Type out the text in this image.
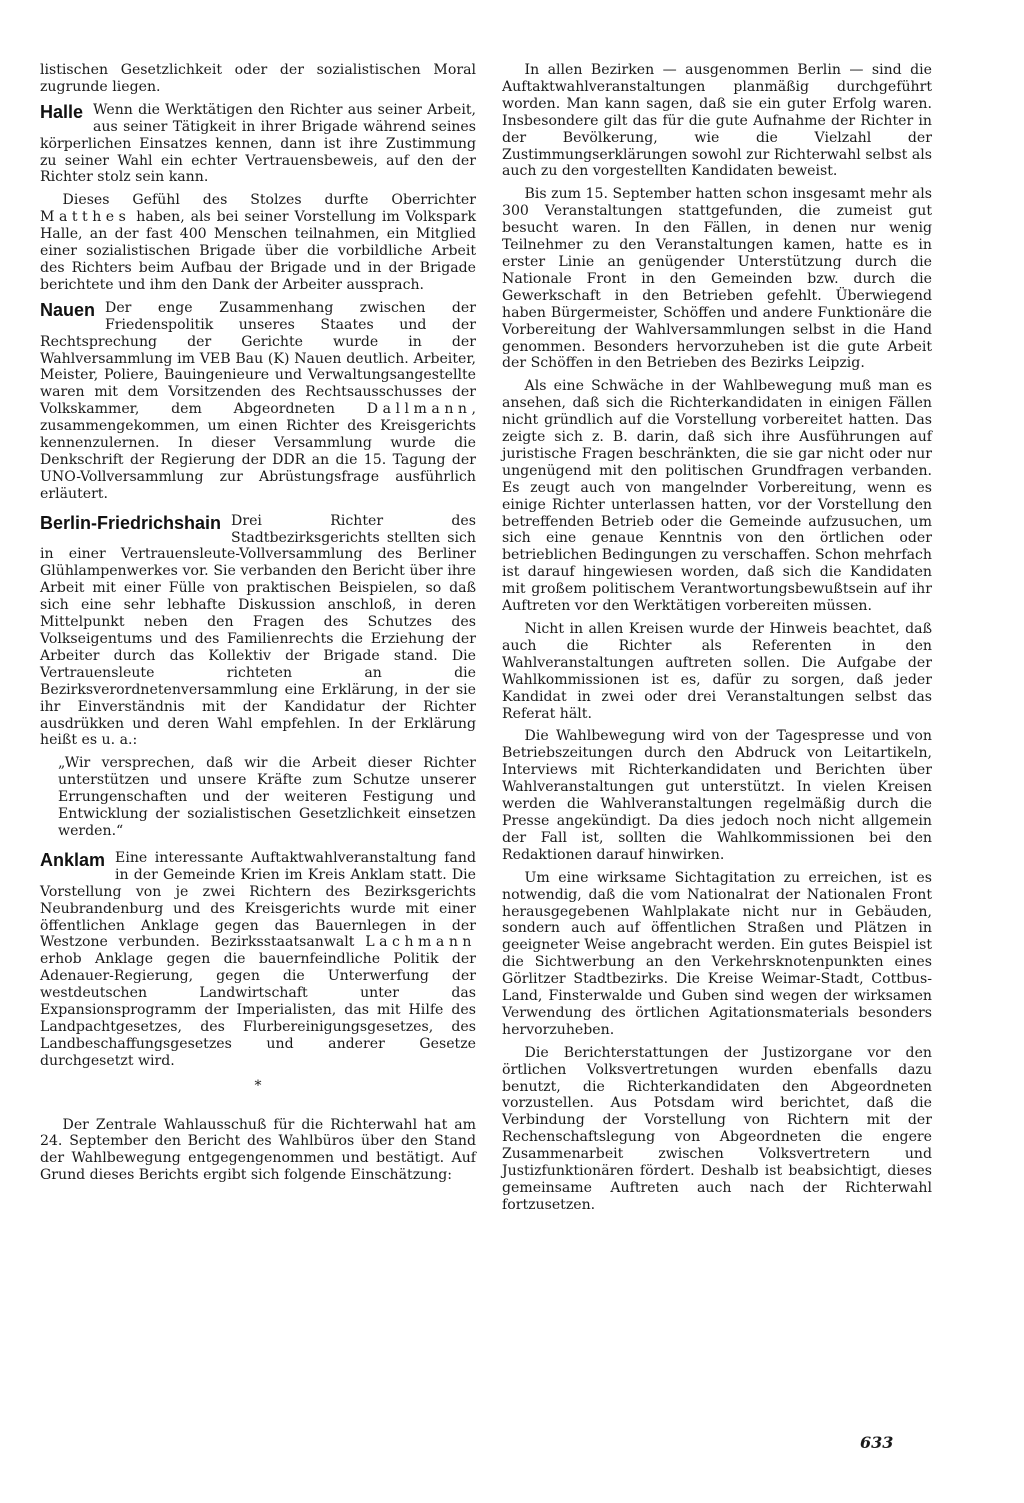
listischen Gesetzlichkeit oder der sozialistischen Moral zugrunde liegen.

Halle Wenn die Werktätigen den Richter aus seiner Arbeit, aus seiner Tätigkeit in ihrer Brigade während seines körperlichen Einsatzes kennen, dann ist ihre Zustimmung zu seiner Wahl ein echter Vertrauensbeweis, auf den der Richter stolz sein kann.

Dieses Gefühl des Stolzes durfte Oberrichter Matthes haben, als bei seiner Vorstellung im Volkspark Halle, an der fast 400 Menschen teilnahmen, ein Mitglied einer sozialistischen Brigade über die vorbildliche Arbeit des Richters beim Aufbau der Brigade und in der Brigade berichtete und ihm den Dank der Arbeiter aussprach.

Nauen Der enge Zusammenhang zwischen der Friedenspolitik unseres Staates und der Rechtsprechung der Gerichte wurde in der Wahlversammlung im VEB Bau (K) Nauen deutlich. Arbeiter, Meister, Poliere, Bauingenieure und Verwaltungsangestellte waren mit dem Vorsitzenden des Rechtsausschusses der Volkskammer, dem Abgeordneten Dallmann, zusammengekommen, um einen Richter des Kreisgerichts kennenzulernen. In dieser Versammlung wurde die Denkschrift der Regierung der DDR an die 15. Tagung der UNO-Vollversammlung zur Abrüstungsfrage ausführlich erläutert.

Berlin-Friedrichshain Drei Richter des Stadtbezirksgerichts stellten sich in einer Vertrauensleute-Vollversammlung des Berliner Glühlampenwerkes vor. Sie verbanden den Bericht über ihre Arbeit mit einer Fülle von praktischen Beispielen, so daß sich eine sehr lebhafte Diskussion anschloß, in deren Mittelpunkt neben den Fragen des Schutzes des Volkseigentums und des Familienrechts die Erziehung der Arbeiter durch das Kollektiv der Brigade stand. Die Vertrauensleute richteten an die Bezirksverordnetenversammlung eine Erklärung, in der sie ihr Einverständnis mit der Kandidatur der Richter ausdrükken und deren Wahl empfehlen. In der Erklärung heißt es u. a.:

„Wir versprechen, daß wir die Arbeit dieser Richter unterstützen und unsere Kräfte zum Schutze unserer Errungenschaften und der weiteren Festigung und Entwicklung der sozialistischen Gesetzlichkeit einsetzen werden.“

Anklam Eine interessante Auftaktwahlveranstaltung fand in der Gemeinde Krien im Kreis Anklam statt. Die Vorstellung von je zwei Richtern des Bezirksgerichts Neubrandenburg und des Kreisgerichts wurde mit einer öffentlichen Anklage gegen das Bauernlegen in der Westzone verbunden. Bezirksstaatsanwalt Lachmann erhob Anklage gegen die bauernfeindliche Politik der Adenauer-Regierung, gegen die Unterwerfung der westdeutschen Landwirtschaft unter das Expansionsprogramm der Imperialisten, das mit Hilfe des Landpachtgesetzes, des Flurbereinigungsgesetzes, des Landbeschaffungsgesetzes und anderer Gesetze durchgesetzt wird.

*

Der Zentrale Wahlausschuß für die Richterwahl hat am 24. September den Bericht des Wahlbüros über den Stand der Wahlbewegung entgegengenommen und bestätigt. Auf Grund dieses Berichts ergibt sich folgende Einschätzung:

In allen Bezirken — ausgenommen Berlin — sind die Auftaktwahlveranstaltungen planmäßig durchgeführt worden. Man kann sagen, daß sie ein guter Erfolg waren. Insbesondere gilt das für die gute Aufnahme der Richter in der Bevölkerung, wie die Vielzahl der Zustimmungserklärungen sowohl zur Richterwahl selbst als auch zu den vorgestellten Kandidaten beweist.

Bis zum 15. September hatten schon insgesamt mehr als 300 Veranstaltungen stattgefunden, die zumeist gut besucht waren. In den Fällen, in denen nur wenig Teilnehmer zu den Veranstaltungen kamen, hatte es in erster Linie an genügender Unterstützung durch die Nationale Front in den Gemeinden bzw. durch die Gewerkschaft in den Betrieben gefehlt. Überwiegend haben Bürgermeister, Schöffen und andere Funktionäre die Vorbereitung der Wahlversammlungen selbst in die Hand genommen. Besonders hervorzuheben ist die gute Arbeit der Schöffen in den Betrieben des Bezirks Leipzig.

Als eine Schwäche in der Wahlbewegung muß man es ansehen, daß sich die Richterkandidaten in einigen Fällen nicht gründlich auf die Vorstellung vorbereitet hatten. Das zeigte sich z. B. darin, daß sich ihre Ausführungen auf juristische Fragen beschränkten, die sie gar nicht oder nur ungenügend mit den politischen Grundfragen verbanden. Es zeugt auch von mangelnder Vorbereitung, wenn es einige Richter unterlassen hatten, vor der Vorstellung den betreffenden Betrieb oder die Gemeinde aufzusuchen, um sich eine genaue Kenntnis von den örtlichen oder betrieblichen Bedingungen zu verschaffen. Schon mehrfach ist darauf hingewiesen worden, daß sich die Kandidaten mit großem politischem Verantwortungsbewußtsein auf ihr Auftreten vor den Werktätigen vorbereiten müssen.

Nicht in allen Kreisen wurde der Hinweis beachtet, daß auch die Richter als Referenten in den Wahlveranstaltungen auftreten sollen. Die Aufgabe der Wahlkommissionen ist es, dafür zu sorgen, daß jeder Kandidat in zwei oder drei Veranstaltungen selbst das Referat hält.

Die Wahlbewegung wird von der Tagespresse und von Betriebszeitungen durch den Abdruck von Leitartikeln, Interviews mit Richterkandidaten und Berichten über Wahlveranstaltungen gut unterstützt. In vielen Kreisen werden die Wahlveranstaltungen regelmäßig durch die Presse angekündigt. Da dies jedoch noch nicht allgemein der Fall ist, sollten die Wahlkommissionen bei den Redaktionen darauf hinwirken.

Um eine wirksame Sichtagitation zu erreichen, ist es notwendig, daß die vom Nationalrat der Nationalen Front herausgegebenen Wahlplakate nicht nur in Gebäuden, sondern auch auf öffentlichen Straßen und Plätzen in geeigneter Weise angebracht werden. Ein gutes Beispiel ist die Sichtwerbung an den Verkehrsknotenpunkten eines Görlitzer Stadtbezirks. Die Kreise Weimar-Stadt, Cottbus-Land, Finsterwalde und Guben sind wegen der wirksamen Verwendung des örtlichen Agitationsmaterials besonders hervorzuheben.

Die Berichterstattungen der Justizorgane vor den örtlichen Volksvertretungen wurden ebenfalls dazu benutzt, die Richterkandidaten den Abgeordneten vorzustellen. Aus Potsdam wird berichtet, daß die Verbindung der Vorstellung von Richtern mit der Rechenschaftslegung von Abgeordneten die engere Zusammenarbeit zwischen Volksvertretern und Justizfunktionären fördert. Deshalb ist beabsichtigt, dieses gemeinsame Auftreten auch nach der Richterwahl fortzusetzen.

633
